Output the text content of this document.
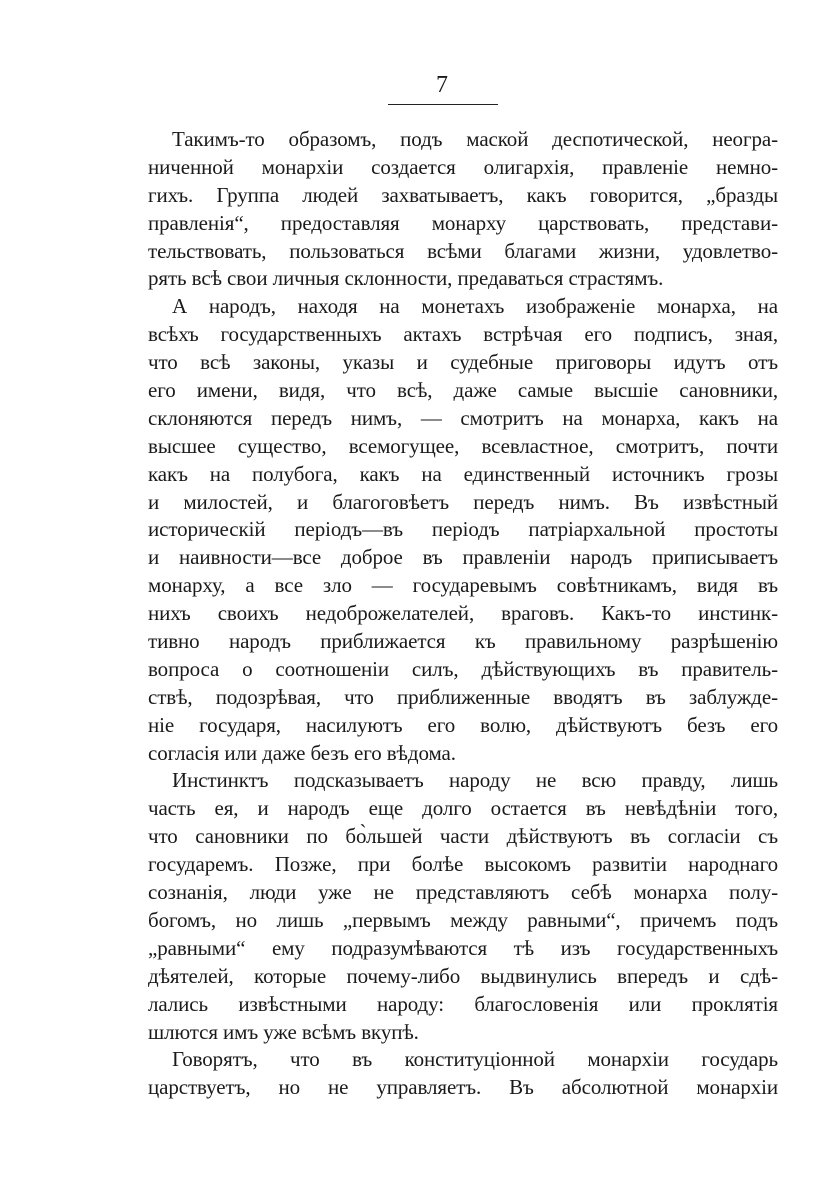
7
Такимъ-то образомъ, подъ маской деспотической, неогра-
ниченной монархіи создается олигархія, правленіе немно-
гихъ. Группа людей захватываетъ, какъ говорится, „бразды
правленія“, предоставляя монарху царствовать, представи-
тельствовать, пользоваться всѣми благами жизни, удовлетво-
рять всѣ свои личныя склонности, предаваться страстямъ.
А народъ, находя на монетахъ изображеніе монарха, на
всѣхъ государственныхъ актахъ встрѣчая его подписъ, зная,
что всѣ законы, указы и судебные приговоры идутъ отъ
его имени, видя, что всѣ, даже самые высшіе сановники,
склоняются передъ нимъ, — смотритъ на монарха, какъ на
высшее существо, всемогущее, всевластное, смотритъ, почти
какъ на полубога, какъ на единственный источникъ грозы
и милостей, и благоговѣетъ передъ нимъ. Въ извѣстный
историческій періодъ—въ періодъ патріархальной простоты
и наивности—все доброе въ правленіи народъ приписываетъ
монарху, а все зло — государевымъ совѣтникамъ, видя въ
нихъ своихъ недоброжелателей, враговъ. Какъ-то инстинк-
тивно народъ приближается къ правильному разрѣшенію
вопроса о соотношеніи силъ, дѣйствующихъ въ правитель-
ствѣ, подозрѣвая, что приближенные вводятъ въ заблужде-
ніе государя, насилуютъ его волю, дѣйствуютъ безъ его
согласія или даже безъ его вѣдома.
Инстинктъ подсказываетъ народу не всю правду, лишь
часть ея, и народъ еще долго остается въ невѣдѣніи того,
что сановники по бо̀льшей части дѣйствуютъ въ согласіи съ
государемъ. Позже, при болѣе высокомъ развитіи народнаго
сознанія, люди уже не представляютъ себѣ монарха полу-
богомъ, но лишь „первымъ между равными“, причемъ подъ
„равными“ ему подразумѣваются тѣ изъ государственныхъ
дѣятелей, которые почему-либо выдвинулись впередъ и сдѣ-
лались извѣстными народу: благословенія или проклятія
шлются имъ уже всѣмъ вкупѣ.
Говорятъ, что въ конституціонной монархіи государь
царствуетъ, но не управляетъ. Въ абсолютной монархіи
